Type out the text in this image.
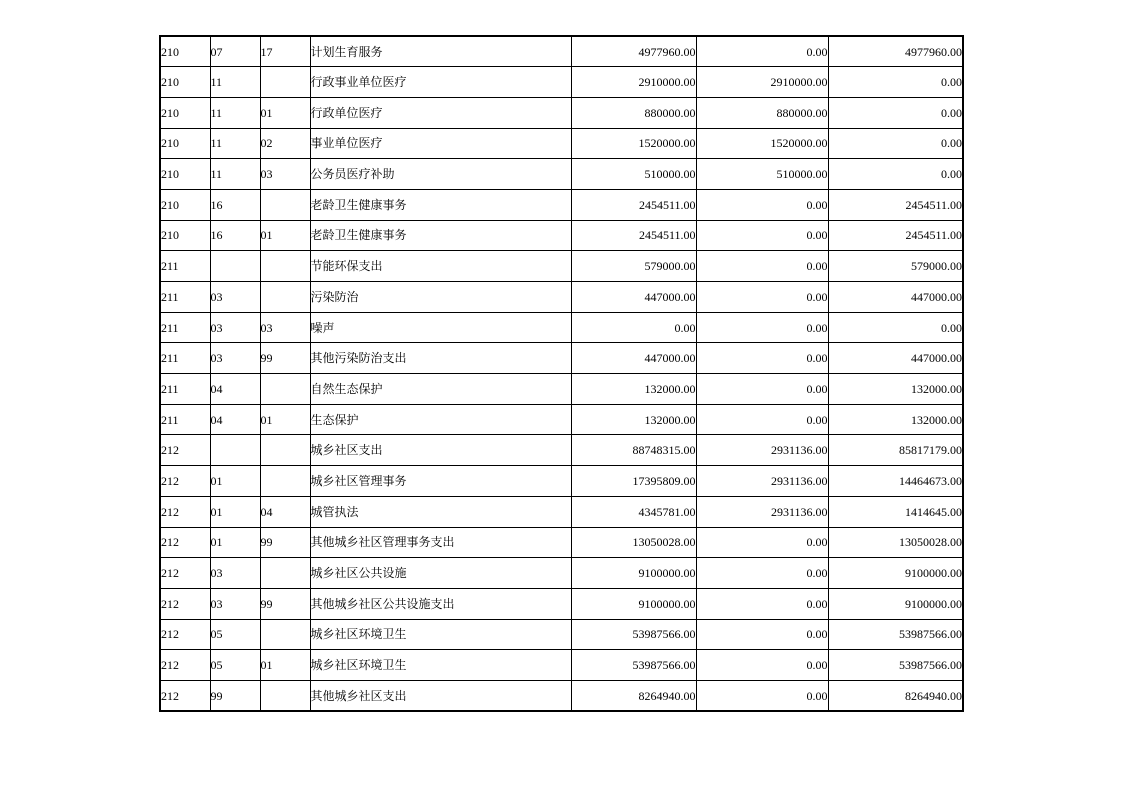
210	07	17	计划生育服务	4977960.00	0.00	4977960.00
210	11		行政事业单位医疗	2910000.00	2910000.00	0.00
210	11	01	行政单位医疗	880000.00	880000.00	0.00
210	11	02	事业单位医疗	1520000.00	1520000.00	0.00
210	11	03	公务员医疗补助	510000.00	510000.00	0.00
210	16		老龄卫生健康事务	2454511.00	0.00	2454511.00
210	16	01	老龄卫生健康事务	2454511.00	0.00	2454511.00
211			节能环保支出	579000.00	0.00	579000.00
211	03		污染防治	447000.00	0.00	447000.00
211	03	03	噪声	0.00	0.00	0.00
211	03	99	其他污染防治支出	447000.00	0.00	447000.00
211	04		自然生态保护	132000.00	0.00	132000.00
211	04	01	生态保护	132000.00	0.00	132000.00
212			城乡社区支出	88748315.00	2931136.00	85817179.00
212	01		城乡社区管理事务	17395809.00	2931136.00	14464673.00
212	01	04	城管执法	4345781.00	2931136.00	1414645.00
212	01	99	其他城乡社区管理事务支出	13050028.00	0.00	13050028.00
212	03		城乡社区公共设施	9100000.00	0.00	9100000.00
212	03	99	其他城乡社区公共设施支出	9100000.00	0.00	9100000.00
212	05		城乡社区环境卫生	53987566.00	0.00	53987566.00
212	05	01	城乡社区环境卫生	53987566.00	0.00	53987566.00
212	99		其他城乡社区支出	8264940.00	0.00	8264940.00
